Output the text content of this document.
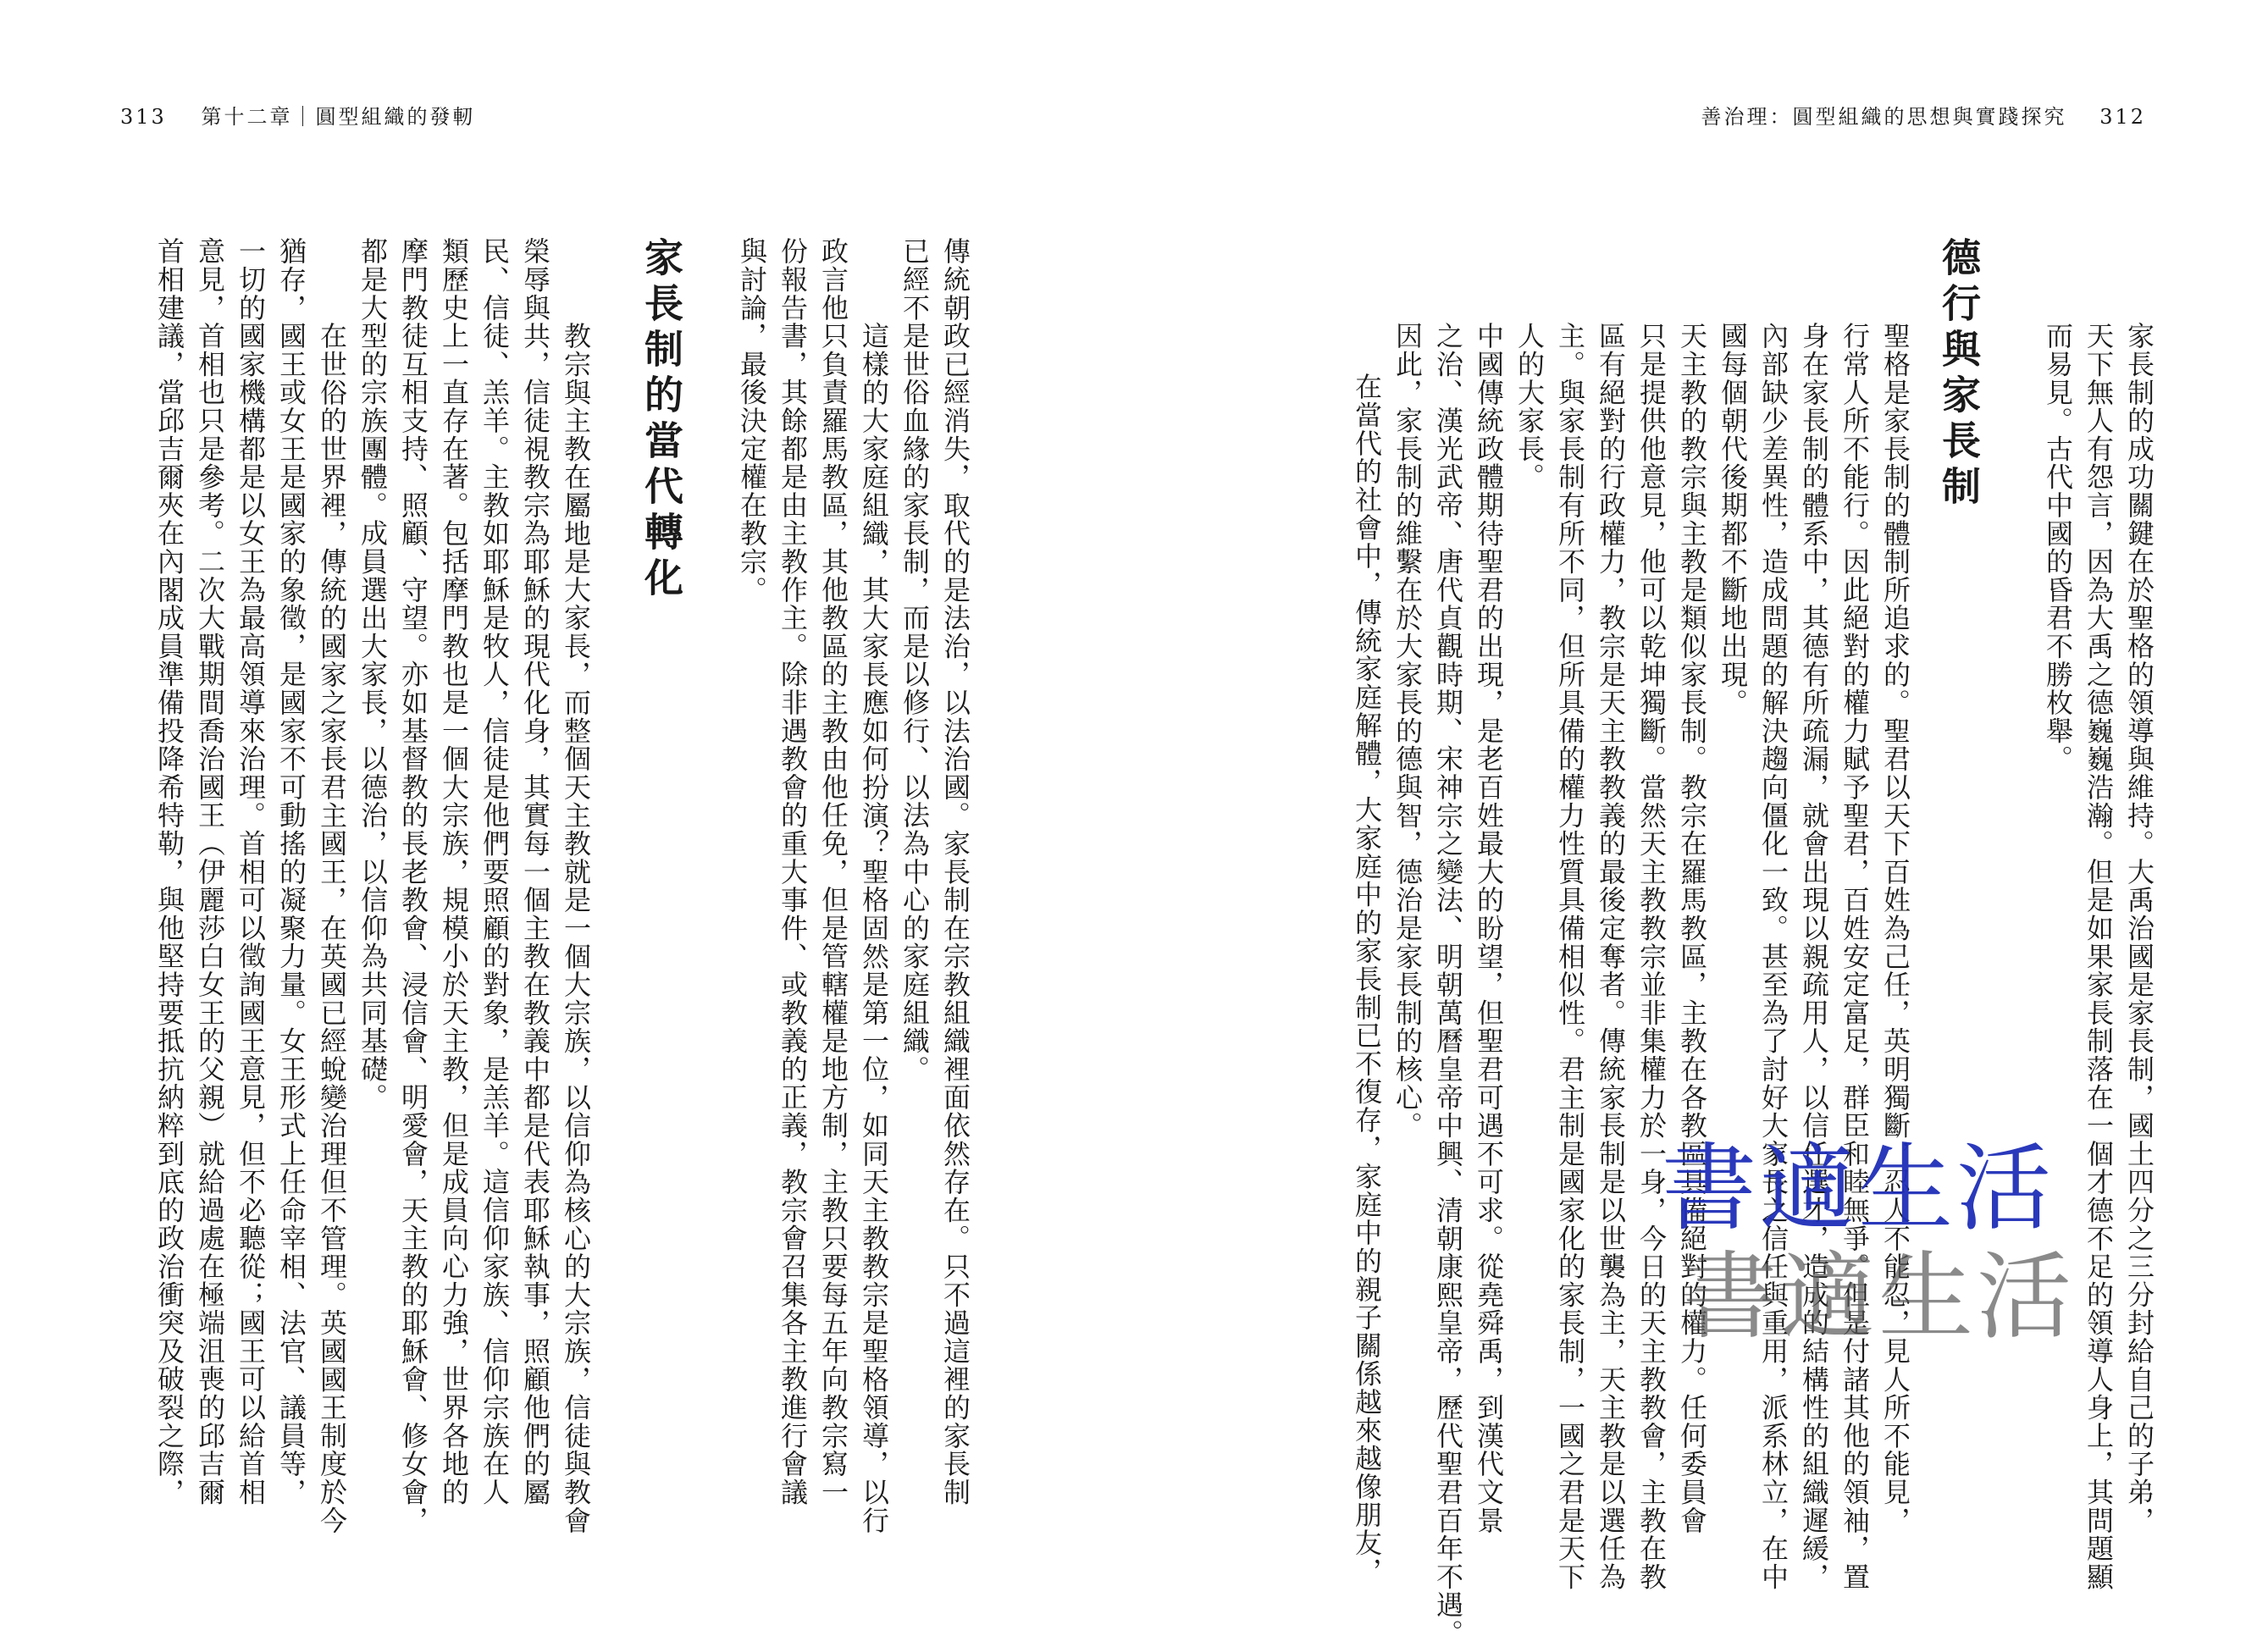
313 第十二章｜圓型組織的發軔	善治理：圓型組織的思想與實踐探究 312
家長制的成功關鍵在於聖格的領導與維持。大禹治國是家長制，國土四分之三分封給自己的子弟，
天下無人有怨言，因為大禹之德巍巍浩瀚。但是如果家長制落在一個才德不足的領導人身上，其問題顯
而易見。古代中國的昏君不勝枚舉。
德行與家長制
聖格是家長制的體制所追求的。聖君以天下百姓為己任，英明獨斷，忍人不能忍，見人所不能見，
行常人所不能行。因此絕對的權力賦予聖君，百姓安定富足，群臣和睦無爭。但是付諸其他的領袖，置
身在家長制的體系中，其德有所疏漏，就會出現以親疏用人，以信任選才，造成的結構性的組織遲緩，
內部缺少差異性，造成問題的解決趨向僵化一致。甚至為了討好大家長之信任與重用，派系林立，在中
國每個朝代後期都不斷地出現。
天主教的教宗與主教是類似家長制。教宗在羅馬教區，主教在各教區具備絕對的權力。任何委員會
只是提供他意見，他可以乾坤獨斷。當然天主教教宗並非集權力於一身，今日的天主教教會，主教在教
區有絕對的行政權力，教宗是天主教教義的最後定奪者。傳統家長制是以世襲為主，天主教是以選任為
主。與家長制有所不同，但所具備的權力性質具備相似性。君主制是國家化的家長制，一國之君是天下
人的大家長。
中國傳統政體期待聖君的出現，是老百姓最大的盼望，但聖君可遇不可求。從堯舜禹，到漢代文景
之治、漢光武帝、唐代貞觀時期、宋神宗之變法、明朝萬曆皇帝中興、清朝康熙皇帝，歷代聖君百年不遇。
因此，家長制的維繫在於大家長的德與智，德治是家長制的核心。
在當代的社會中，傳統家庭解體，大家庭中的家長制已不復存，家庭中的親子關係越來越像朋友，
傳統朝政已經消失，取代的是法治，以法治國。家長制在宗教組織裡面依然存在。只不過這裡的家長制
已經不是世俗血緣的家長制，而是以修行、以法為中心的家庭組織。
這樣的大家庭組織，其大家長應如何扮演？聖格固然是第一位，如同天主教教宗是聖格領導，以行
政言他只負責羅馬教區，其他教區的主教由他任免，但是管轄權是地方制，主教只要每五年向教宗寫一
份報告書，其餘都是由主教作主。除非遇教會的重大事件、或教義的正義，教宗會召集各主教進行會議
與討論，最後決定權在教宗。
家長制的當代轉化
教宗與主教在屬地是大家長，而整個天主教就是一個大宗族，以信仰為核心的大宗族，信徒與教會
榮辱與共，信徒視教宗為耶穌的現代化身，其實每一個主教在教義中都是代表耶穌執事，照顧他們的屬
民、信徒、羔羊。主教如耶穌是牧人，信徒是他們要照顧的對象，是羔羊。這信仰家族、信仰宗族在人
類歷史上一直存在著。包括摩門教也是一個大宗族，規模小於天主教，但是成員向心力強，世界各地的
摩門教徒互相支持、照顧、守望。亦如基督教的長老教會、浸信會、明愛會，天主教的耶穌會、修女會，
都是大型的宗族團體。成員選出大家長，以德治，以信仰為共同基礎。
在世俗的世界裡，傳統的國家之家長君主國王，在英國已經蛻變治理但不管理。英國國王制度於今
猶存，國王或女王是國家的象徵，是國家不可動搖的凝聚力量。女王形式上任命宰相、法官、議員等，
一切的國家機構都是以女王為最高領導來治理。首相可以徵詢國王意見，但不必聽從；國王可以給首相
意見，首相也只是參考。二次大戰期間喬治國王（伊麗莎白女王的父親）就給過處在極端沮喪的邱吉爾
首相建議，當邱吉爾夾在內閣成員準備投降希特勒，與他堅持要抵抗納粹到底的政治衝突及破裂之際，	書適生活
書適生活
